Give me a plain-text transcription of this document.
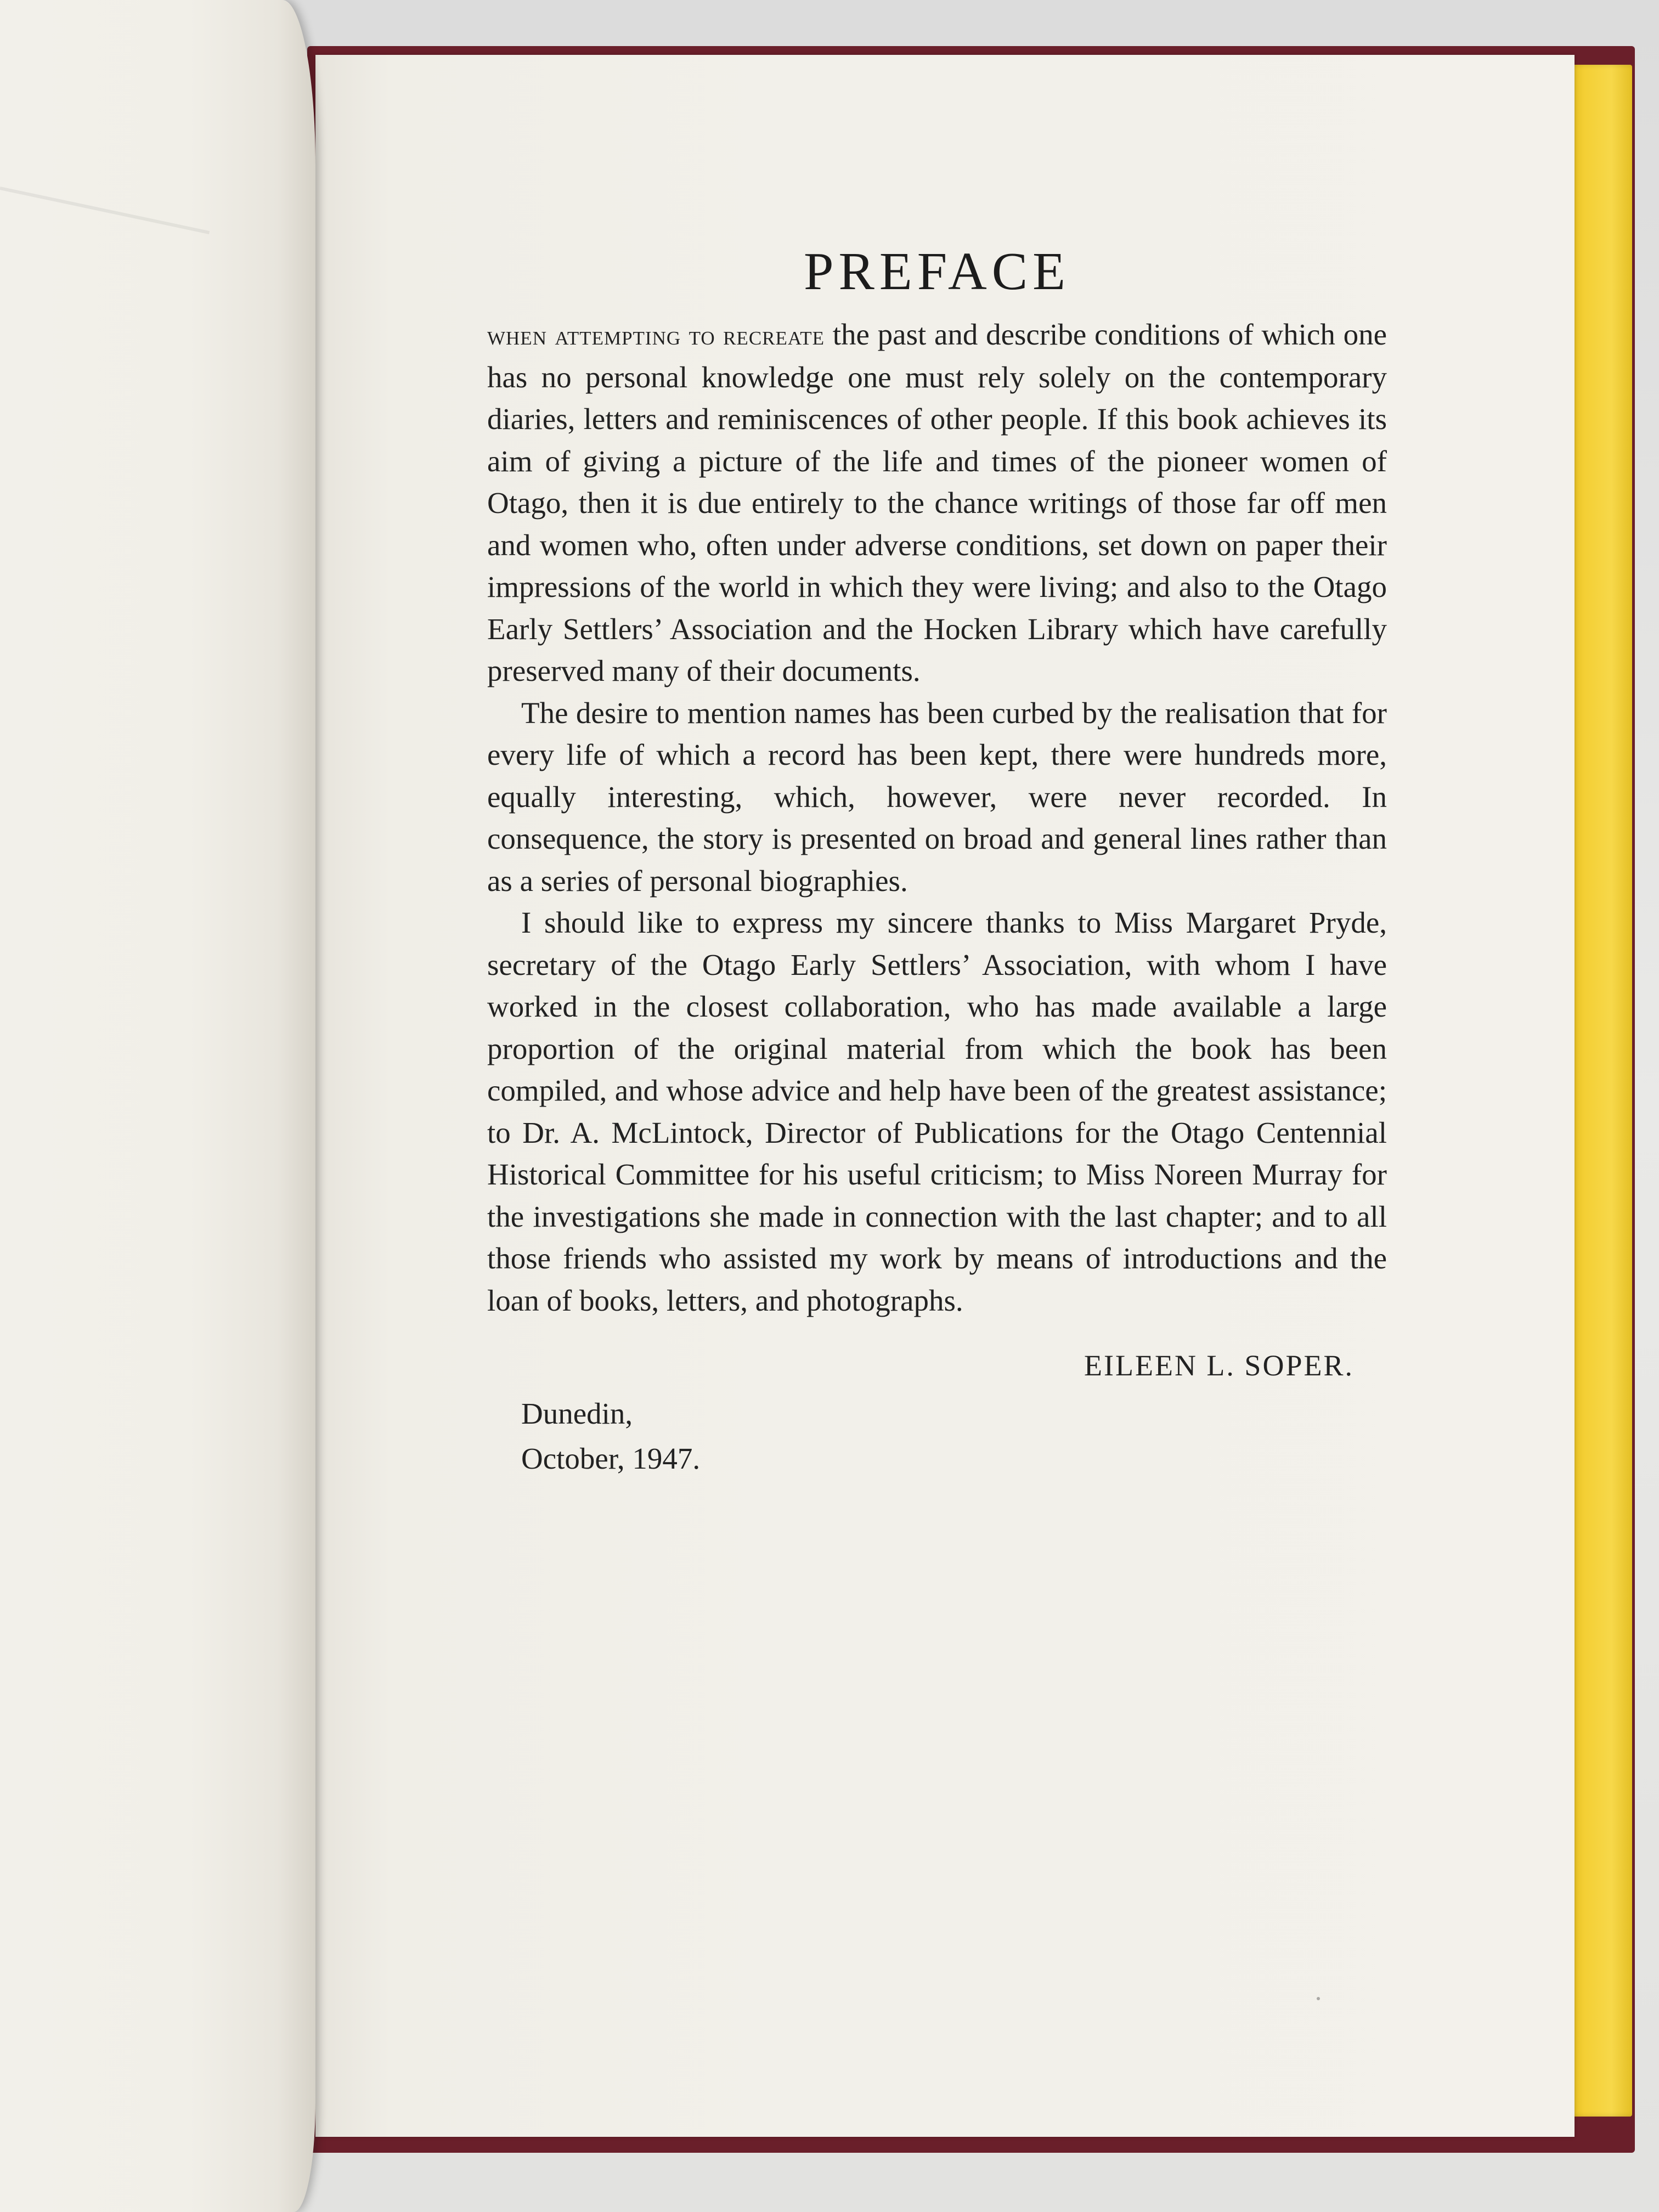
PREFACE

when attempting to recreate the past and describe conditions of which one has no personal knowledge one must rely solely on the contemporary diaries, letters and reminiscences of other people. If this book achieves its aim of giving a picture of the life and times of the pioneer women of Otago, then it is due entirely to the chance writings of those far off men and women who, often under adverse conditions, set down on paper their impressions of the world in which they were living; and also to the Otago Early Settlers’ Association and the Hocken Library which have carefully preserved many of their documents.

The desire to mention names has been curbed by the realisation that for every life of which a record has been kept, there were hundreds more, equally interesting, which, however, were never recorded. In consequence, the story is presented on broad and general lines rather than as a series of personal biographies.

I should like to express my sincere thanks to Miss Margaret Pryde, secretary of the Otago Early Settlers’ Association, with whom I have worked in the closest collaboration, who has made available a large proportion of the original material from which the book has been compiled, and whose advice and help have been of the greatest assistance; to Dr. A. McLintock, Director of Publications for the Otago Centennial Historical Committee for his useful criticism; to Miss Noreen Murray for the investigations she made in connection with the last chapter; and to all those friends who assisted my work by means of introductions and the loan of books, letters, and photographs.

EILEEN L. SOPER.
Dunedin,
October, 1947.
